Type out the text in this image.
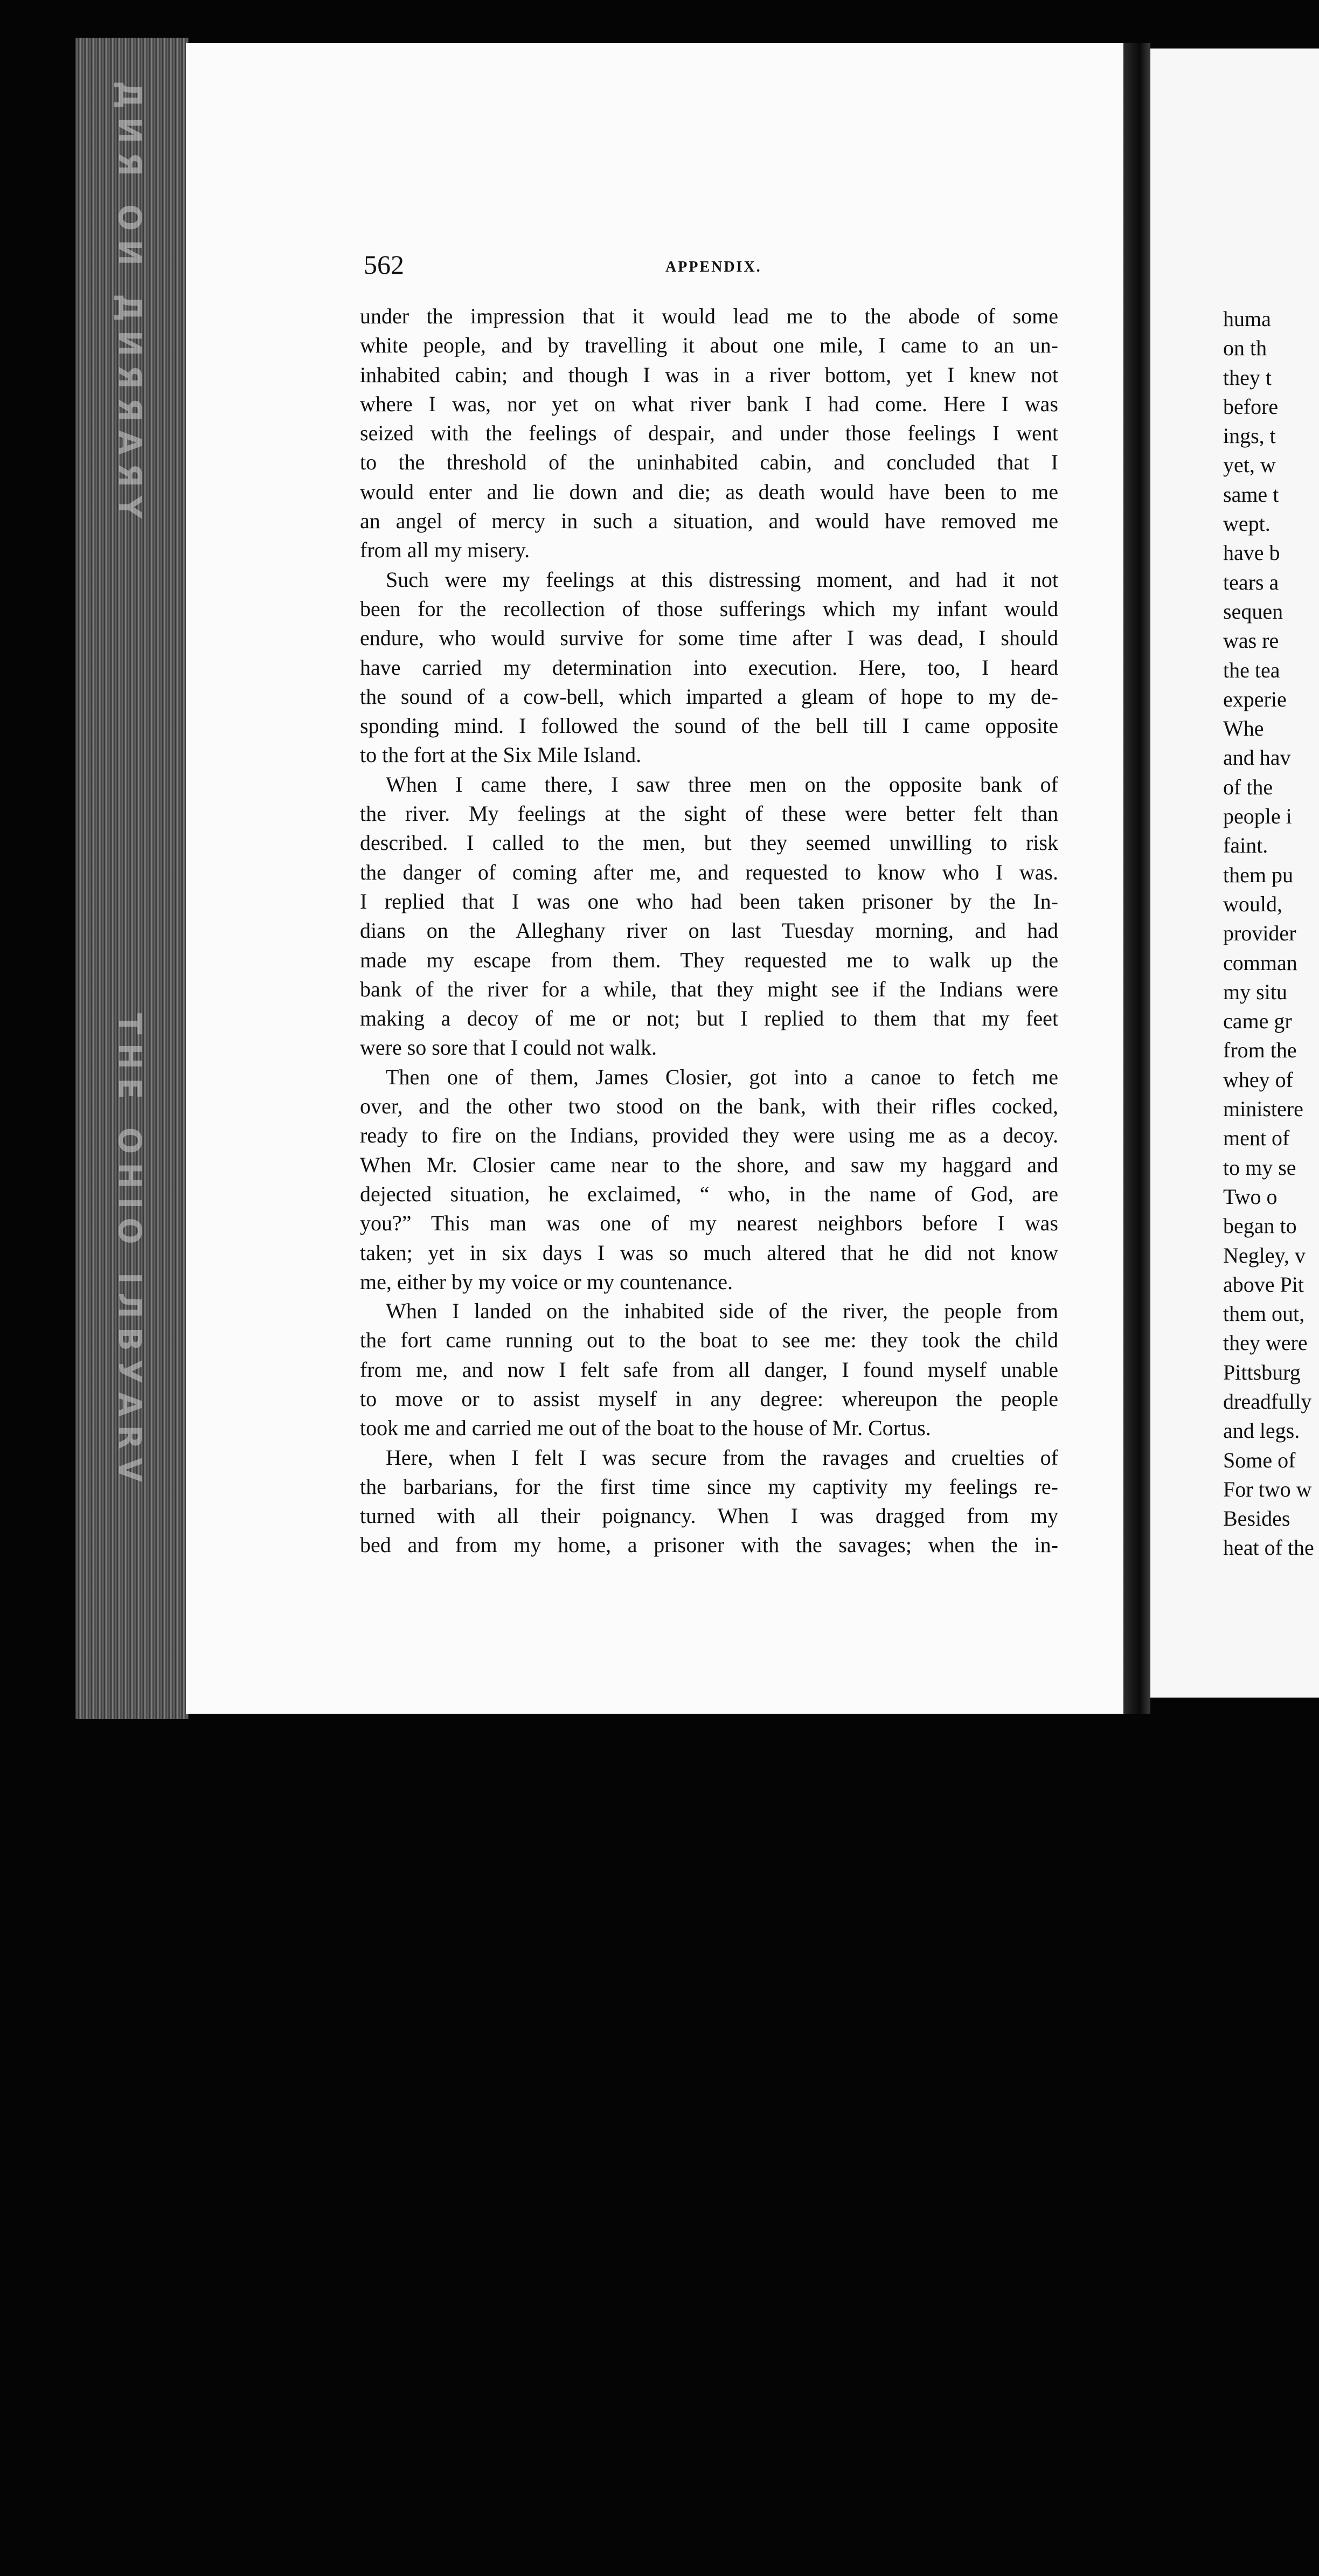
ДИЯ ОИ ДИЯЯАЯҮ
ТНЕ ОНІО ІЛВУАRV
562	APPENDIX.
under the impression that it would lead me to the abode of some
white people, and by travelling it about one mile, I came to an un-
inhabited cabin; and though I was in a river bottom, yet I knew not
where I was, nor yet on what river bank I had come. Here I was
seized with the feelings of despair, and under those feelings I went
to the threshold of the uninhabited cabin, and concluded that I
would enter and lie down and die; as death would have been to me
an angel of mercy in such a situation, and would have removed me
from all my misery.
Such were my feelings at this distressing moment, and had it not
been for the recollection of those sufferings which my infant would
endure, who would survive for some time after I was dead, I should
have carried my determination into execution. Here, too, I heard
the sound of a cow-bell, which imparted a gleam of hope to my de-
sponding mind. I followed the sound of the bell till I came opposite
to the fort at the Six Mile Island.
When I came there, I saw three men on the opposite bank of
the river. My feelings at the sight of these were better felt than
described. I called to the men, but they seemed unwilling to risk
the danger of coming after me, and requested to know who I was.
I replied that I was one who had been taken prisoner by the In-
dians on the Alleghany river on last Tuesday morning, and had
made my escape from them. They requested me to walk up the
bank of the river for a while, that they might see if the Indians were
making a decoy of me or not; but I replied to them that my feet
were so sore that I could not walk.
Then one of them, James Closier, got into a canoe to fetch me
over, and the other two stood on the bank, with their rifles cocked,
ready to fire on the Indians, provided they were using me as a decoy.
When Mr. Closier came near to the shore, and saw my haggard and
dejected situation, he exclaimed, “ who, in the name of God, are
you?” This man was one of my nearest neighbors before I was
taken; yet in six days I was so much altered that he did not know
me, either by my voice or my countenance.
When I landed on the inhabited side of the river, the people from
the fort came running out to the boat to see me: they took the child
from me, and now I felt safe from all danger, I found myself unable
to move or to assist myself in any degree: whereupon the people
took me and carried me out of the boat to the house of Mr. Cortus.
Here, when I felt I was secure from the ravages and cruelties of
the barbarians, for the first time since my captivity my feelings re-
turned with all their poignancy. When I was dragged from my
bed and from my home, a prisoner with the savages; when the in-
huma
on th
they t
before
ings, t
yet, w
same t
wept.
have b
tears a
sequen
was re
the tea
experie
Whe
and hav
of the
people i
faint.
them pu
would,
provider
comman
my situ
came gr
from the
whey of
ministere
ment of
to my se
Two o
began to
Negley, v
above Pit
them out,
they were
Pittsburg
dreadfully
and legs.
Some of
For two w
Besides
heat of the
